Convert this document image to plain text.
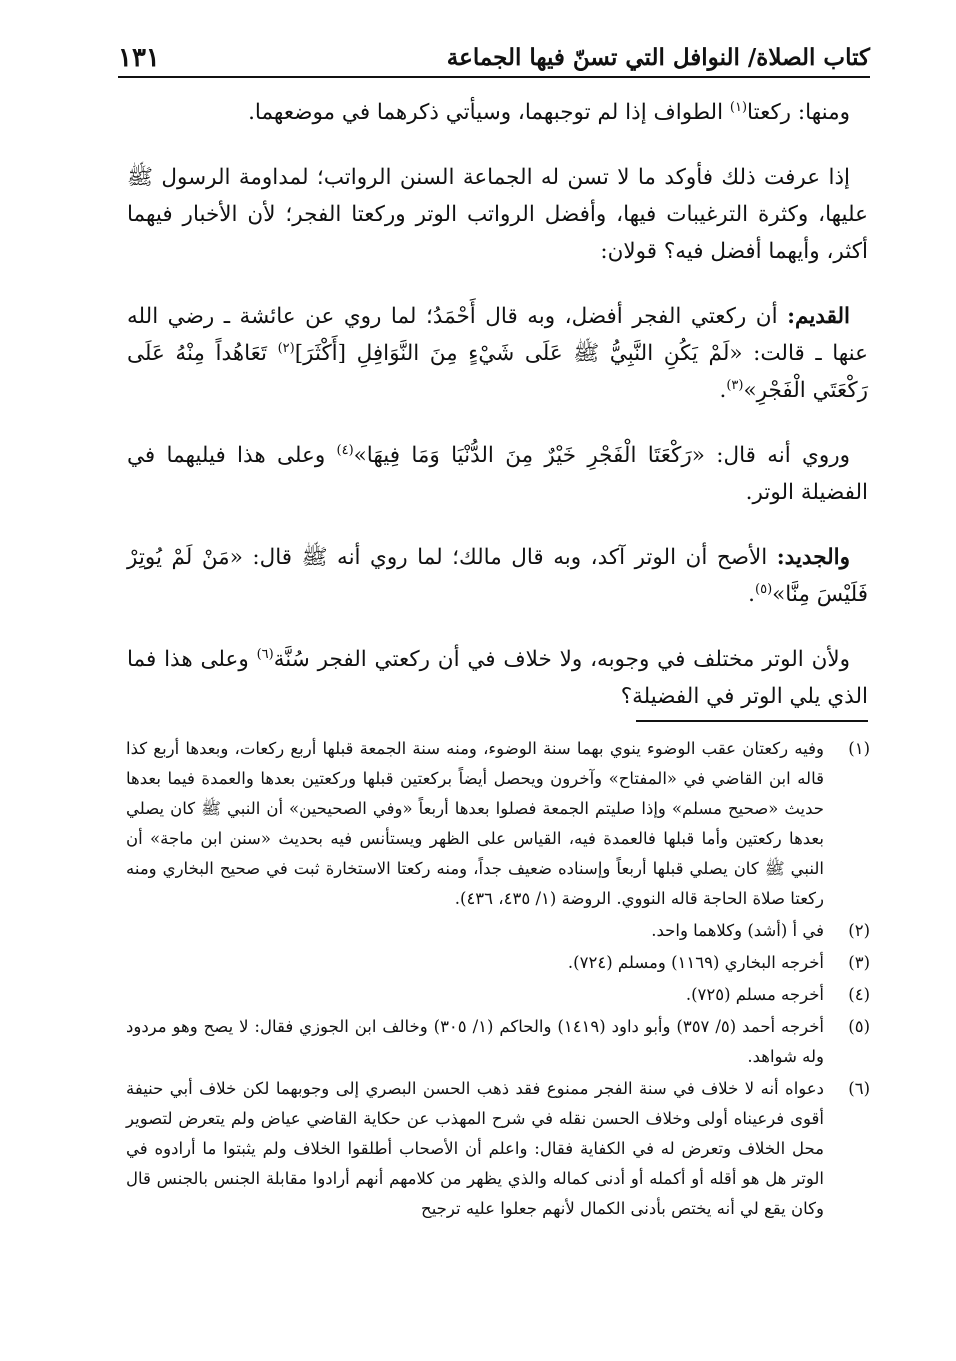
كتاب الصلاة/ النوافل التي تسنّ فيها الجماعة
١٣١

ومنها: ركعتا$^{(١)}$ الطواف إذا لم توجبهما، وسيأتي ذكرهما في موضعهما.

إذا عرفت ذلك فأوكد ما لا تسن له الجماعة السنن الرواتب؛ لمداومة الرسول ﷺ عليها، وكثرة الترغيبات فيها، وأفضل الرواتب الوتر وركعتا الفجر؛ لأن الأخبار فيهما أكثر، وأيهما أفضل فيه؟ قولان:

القديم: أن ركعتي الفجر أفضل، وبه قال أَحْمَدُ؛ لما روي عن عائشة ـ رضي الله عنها ـ قالت: «لَمْ يَكُنِ النَّبِيُّ ﷺ عَلَى شَيْءٍ مِنَ النَّوَافِلِ [أَكْثَرَ]$^{(٢)}$ تَعَاهُداً مِنْهُ عَلَى رَكْعَتَي الْفَجْرِ»$^{(٣)}$.

وروي أنه قال: «رَكْعَتَا الْفَجْرِ خَيْرٌ مِنَ الدُّنْيَا وَمَا فِيهَا»$^{(٤)}$ وعلى هذا فيليهما في الفضيلة الوتر.

والجديد: الأصح أن الوتر آكد، وبه قال مالك؛ لما روي أنه ﷺ قال: «مَنْ لَمْ يُوتِرْ فَلَيْسَ مِنَّا»$^{(٥)}$.

ولأن الوتر مختلف في وجوبه، ولا خلاف في أن ركعتي الفجر سُنَّة$^{(٦)}$ وعلى هذا فما الذي يلي الوتر في الفضيلة؟

(١)
وفيه ركعتان عقب الوضوء ينوي بهما سنة الوضوء، ومنه سنة الجمعة قبلها أربع ركعات، وبعدها أربع كذا قاله ابن القاضي في «المفتاح» وآخرون ويحصل أيضاً بركعتين قبلها وركعتين بعدها والعمدة فيما بعدها حديث «صحيح مسلم» وإذا صليتم الجمعة فصلوا بعدها أربعاً «وفي الصحيحين» أن النبي ﷺ كان يصلي بعدها ركعتين وأما قبلها فالعمدة فيه، القياس على الظهر ويستأنس فيه بحديث «سنن ابن ماجة» أن النبي ﷺ كان يصلي قبلها أربعاً وإسناده ضعيف جداً، ومنه ركعتا الاستخارة ثبت في صحيح البخاري ومنه ركعتا صلاة الحاجة قاله النووي. الروضة (١/ ٤٣٥، ٤٣٦).
(٢)
في أ (أشد) وكلاهما واحد.
(٣)
أخرجه البخاري (١١٦٩) ومسلم (٧٢٤).
(٤)
أخرجه مسلم (٧٢٥).
(٥)
أخرجه أحمد (٥/ ٣٥٧) وأبو داود (١٤١٩) والحاكم (١/ ٣٠٥) وخالف ابن الجوزي فقال: لا يصح وهو مردود وله شواهد.
(٦)
دعواه أنه لا خلاف في سنة الفجر ممنوع فقد ذهب الحسن البصري إلى وجوبهما لكن خلاف أبي حنيفة أقوى فرعيناه أولى وخلاف الحسن نقله في شرح المهذب عن حكاية القاضي عياض ولم يتعرض لتصوير محل الخلاف وتعرض له في الكفاية فقال: واعلم أن الأصحاب أطلقوا الخلاف ولم يثبتوا ما أرادوه في الوتر هل هو أقله أو أكمله أو أدنى كماله والذي يظهر من كلامهم أنهم أرادوا مقابلة الجنس بالجنس قال وكان يقع لي أنه يختص بأدنى الكمال لأنهم جعلوا عليه ترجيح
